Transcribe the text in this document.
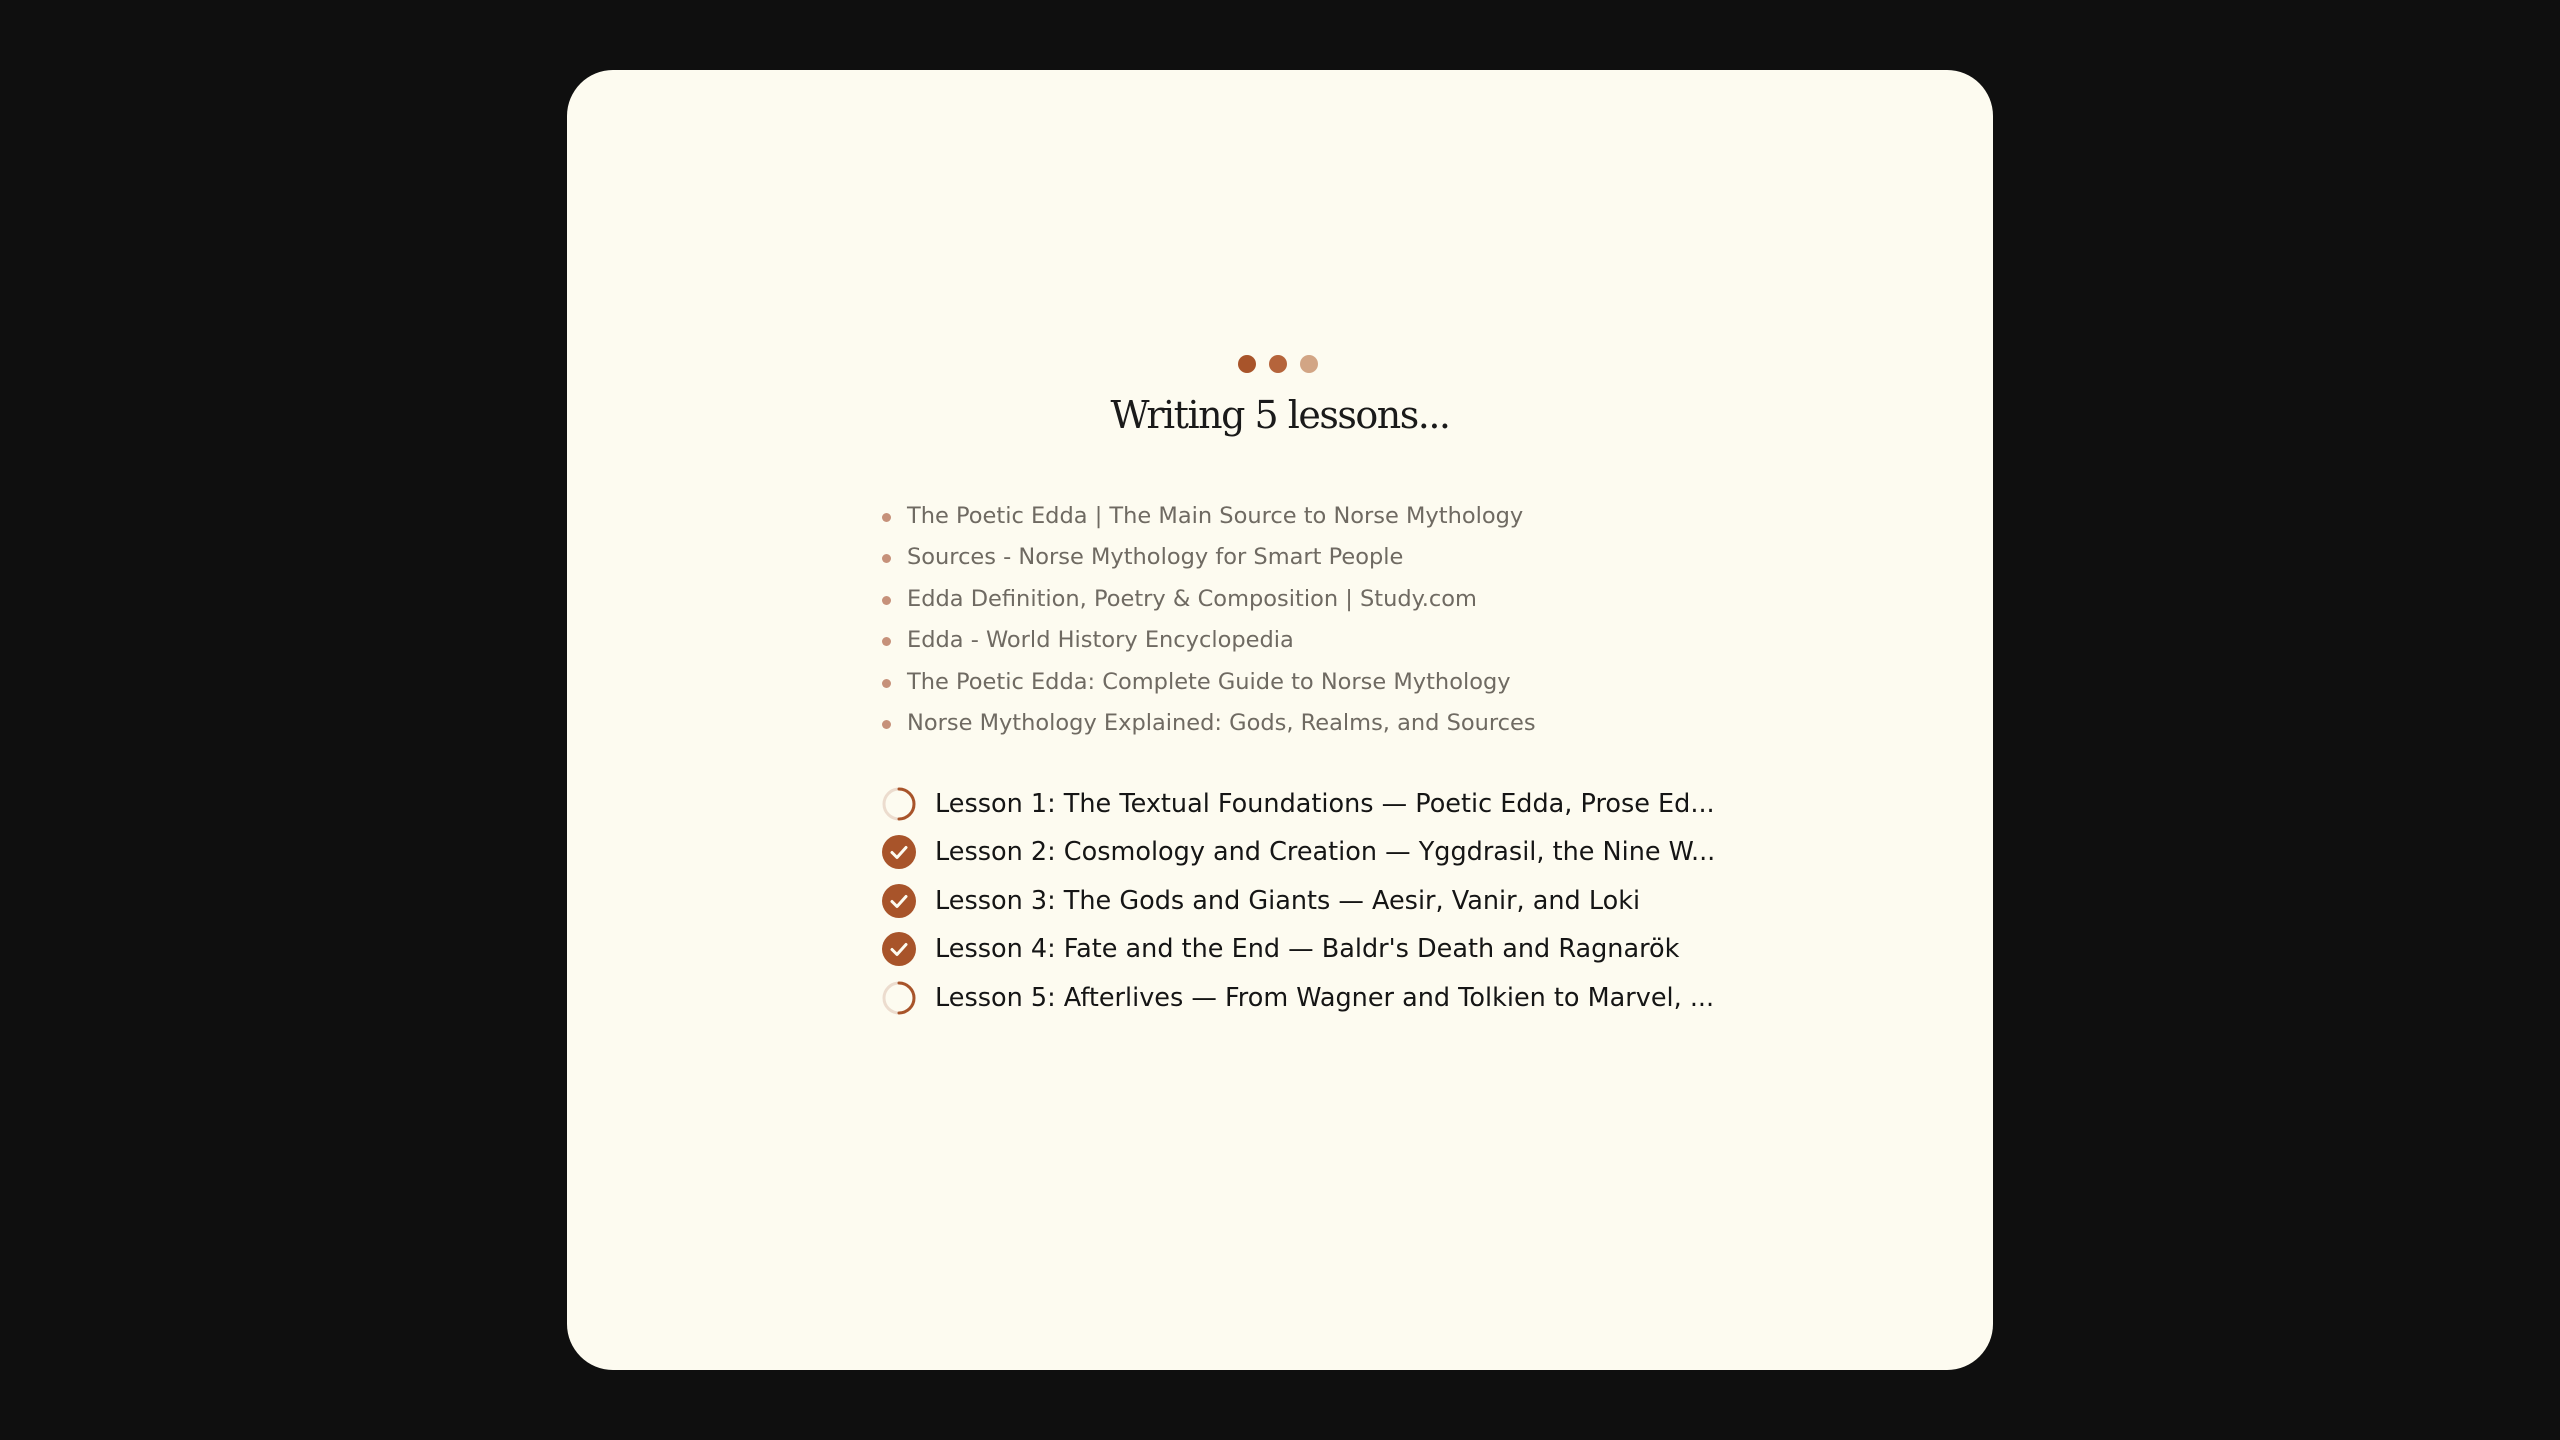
Writing 5 lessons...
The Poetic Edda | The Main Source to Norse Mythology
Sources - Norse Mythology for Smart People
Edda Definition, Poetry & Composition | Study.com
Edda - World History Encyclopedia
The Poetic Edda: Complete Guide to Norse Mythology
Norse Mythology Explained: Gods, Realms, and Sources
Lesson 1: The Textual Foundations — Poetic Edda, Prose Ed...
Lesson 2: Cosmology and Creation — Yggdrasil, the Nine W...
Lesson 3: The Gods and Giants — Aesir, Vanir, and Loki
Lesson 4: Fate and the End — Baldr's Death and Ragnarök
Lesson 5: Afterlives — From Wagner and Tolkien to Marvel, ...
